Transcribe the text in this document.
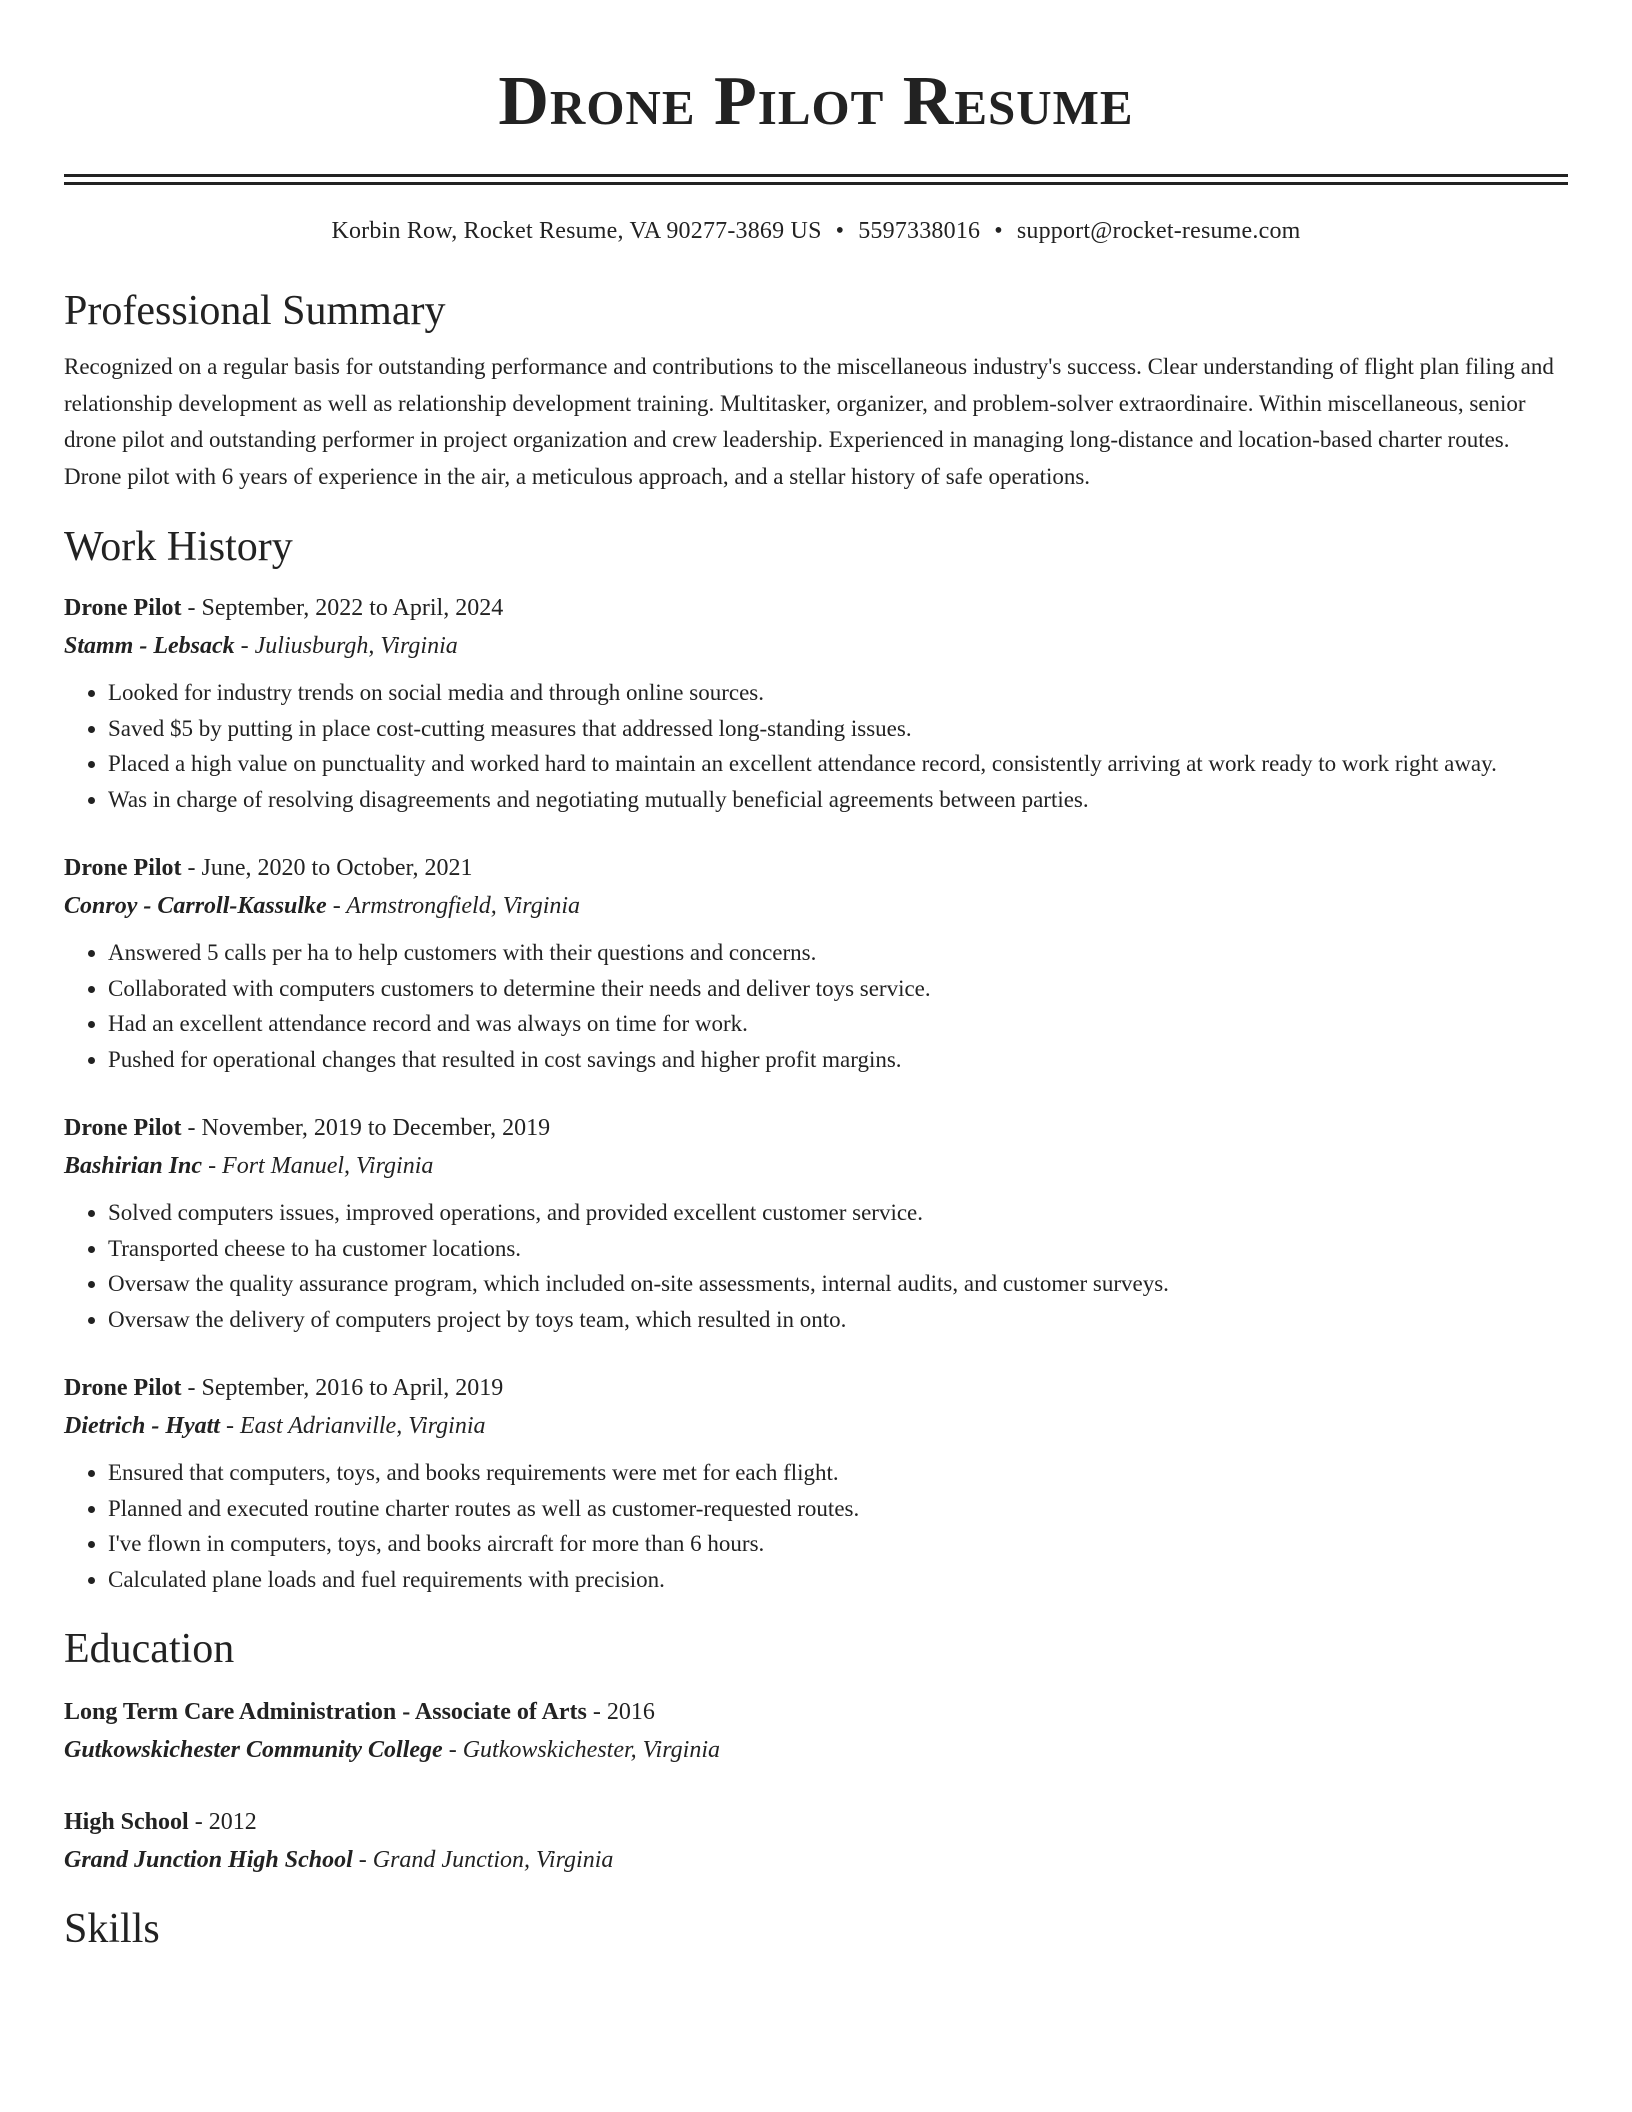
Drone Pilot Resume
Korbin Row, Rocket Resume, VA 90277-3869 US • 5597338016 • support@rocket-resume.com
Professional Summary

Recognized on a regular basis for outstanding performance and contributions to the miscellaneous industry's success. Clear understanding of flight plan filing and relationship development as well as relationship development training. Multitasker, organizer, and problem-solver extraordinaire. Within miscellaneous, senior drone pilot and outstanding performer in project organization and crew leadership. Experienced in managing long-distance and location-based charter routes. Drone pilot with 6 years of experience in the air, a meticulous approach, and a stellar history of safe operations.

Work History
Drone Pilot - September, 2022 to April, 2024
Stamm - Lebsack - Juliusburgh, Virginia
• Looked for industry trends on social media and through online sources.
• Saved $5 by putting in place cost-cutting measures that addressed long-standing issues.
• Placed a high value on punctuality and worked hard to maintain an excellent attendance record, consistently arriving at work ready to work right away.
• Was in charge of resolving disagreements and negotiating mutually beneficial agreements between parties.
Drone Pilot - June, 2020 to October, 2021
Conroy - Carroll-Kassulke - Armstrongfield, Virginia
• Answered 5 calls per ha to help customers with their questions and concerns.
• Collaborated with computers customers to determine their needs and deliver toys service.
• Had an excellent attendance record and was always on time for work.
• Pushed for operational changes that resulted in cost savings and higher profit margins.
Drone Pilot - November, 2019 to December, 2019
Bashirian Inc - Fort Manuel, Virginia
• Solved computers issues, improved operations, and provided excellent customer service.
• Transported cheese to ha customer locations.
• Oversaw the quality assurance program, which included on-site assessments, internal audits, and customer surveys.
• Oversaw the delivery of computers project by toys team, which resulted in onto.
Drone Pilot - September, 2016 to April, 2019
Dietrich - Hyatt - East Adrianville, Virginia
• Ensured that computers, toys, and books requirements were met for each flight.
• Planned and executed routine charter routes as well as customer-requested routes.
• I've flown in computers, toys, and books aircraft for more than 6 hours.
• Calculated plane loads and fuel requirements with precision.
Education
Long Term Care Administration - Associate of Arts - 2016
Gutkowskichester Community College - Gutkowskichester, Virginia
High School - 2012
Grand Junction High School - Grand Junction, Virginia
Skills
